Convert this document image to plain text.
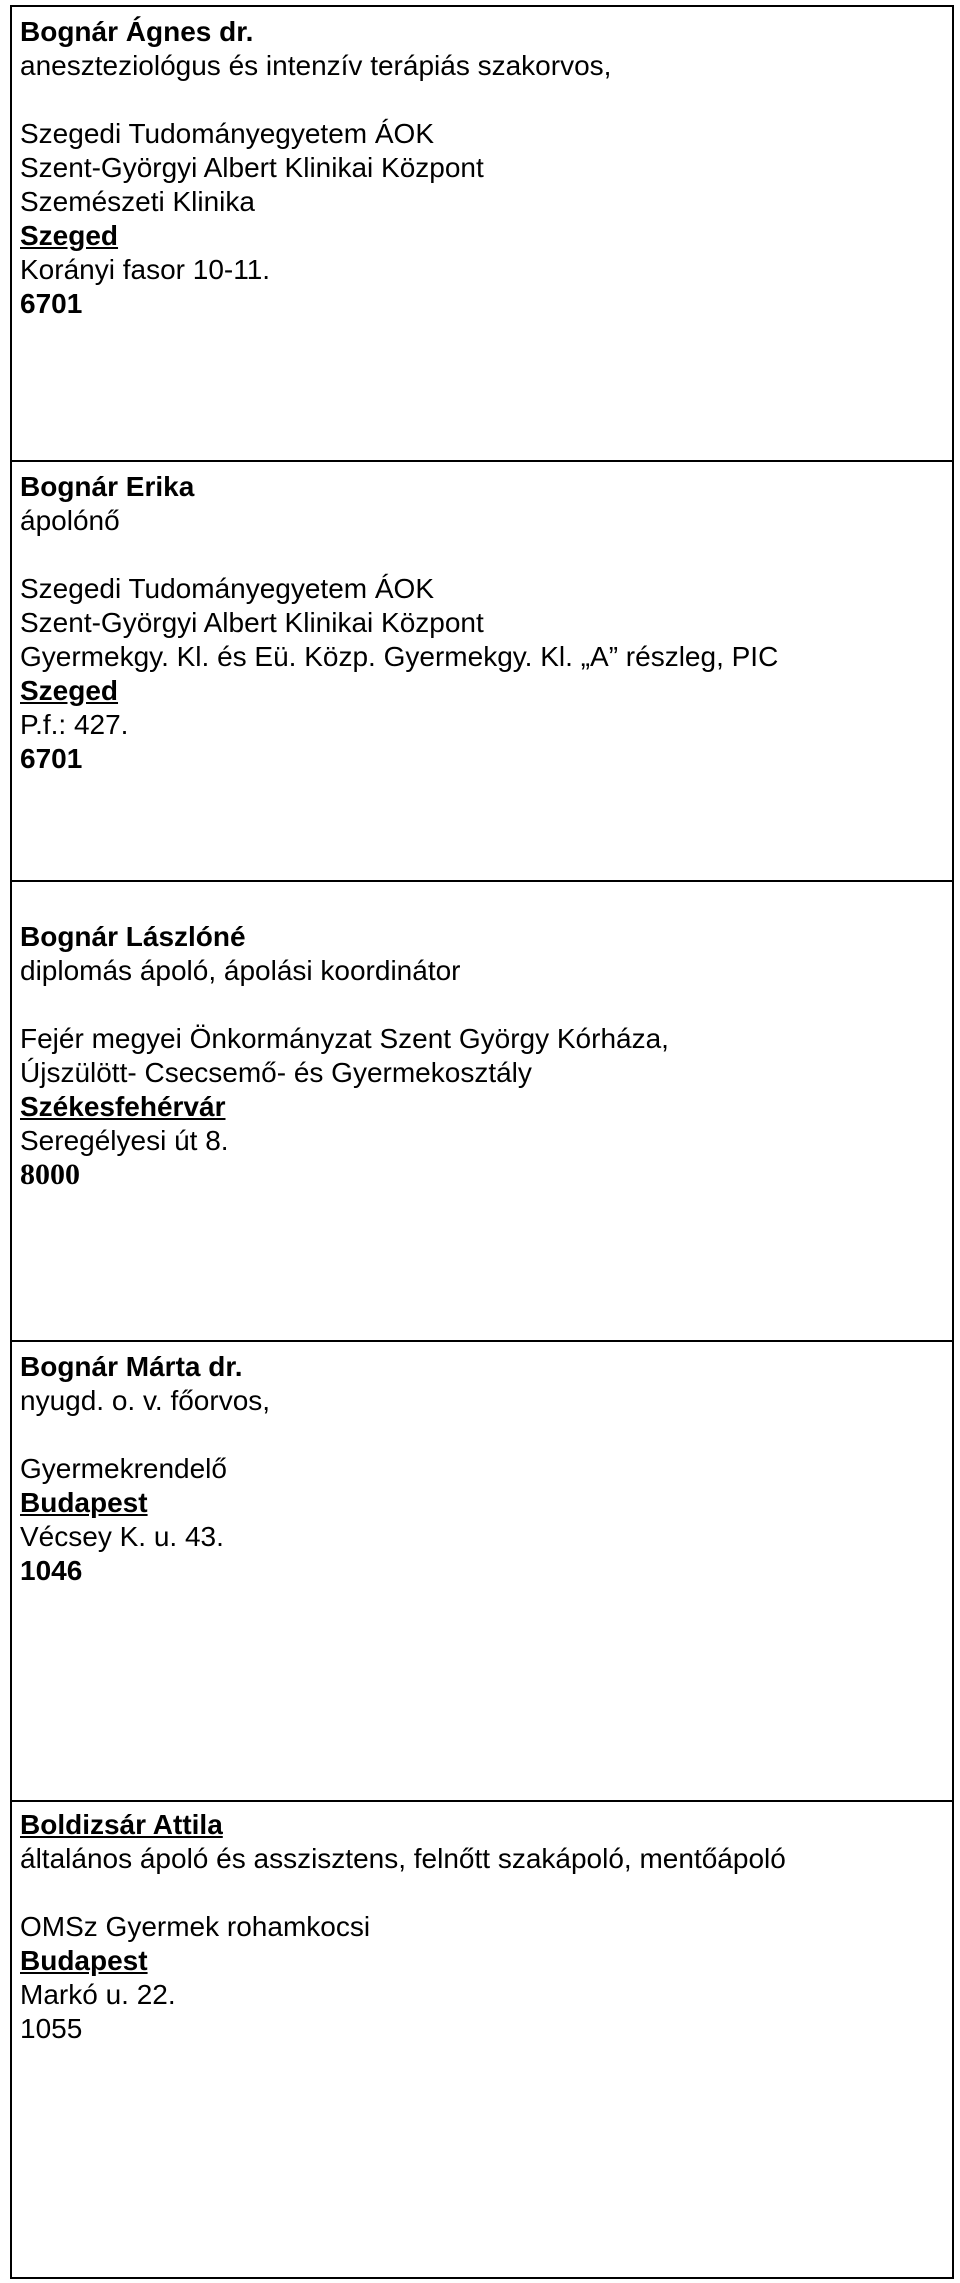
Bognár Ágnes dr.
aneszteziológus és intenzív terápiás szakorvos,
Szegedi Tudományegyetem ÁOK
Szent-Györgyi Albert Klinikai Központ
Szemészeti Klinika
Szeged
Korányi fasor 10-11.
6701
Bognár Erika
ápolónő
Szegedi Tudományegyetem ÁOK
Szent-Györgyi Albert Klinikai Központ
Gyermekgy. Kl. és Eü. Közp. Gyermekgy. Kl. „A” részleg, PIC
Szeged
P.f.: 427.
6701
Bognár Lászlóné
diplomás ápoló, ápolási koordinátor
Fejér megyei Önkormányzat Szent György Kórháza,
Újszülött- Csecsemő- és Gyermekosztály
Székesfehérvár
Seregélyesi út 8.
8000
Bognár Márta dr.
nyugd. o. v. főorvos,
Gyermekrendelő
Budapest
Vécsey K. u. 43.
1046
Boldizsár Attila
általános ápoló és asszisztens, felnőtt szakápoló, mentőápoló
OMSz Gyermek rohamkocsi
Budapest
Markó u. 22.
1055
